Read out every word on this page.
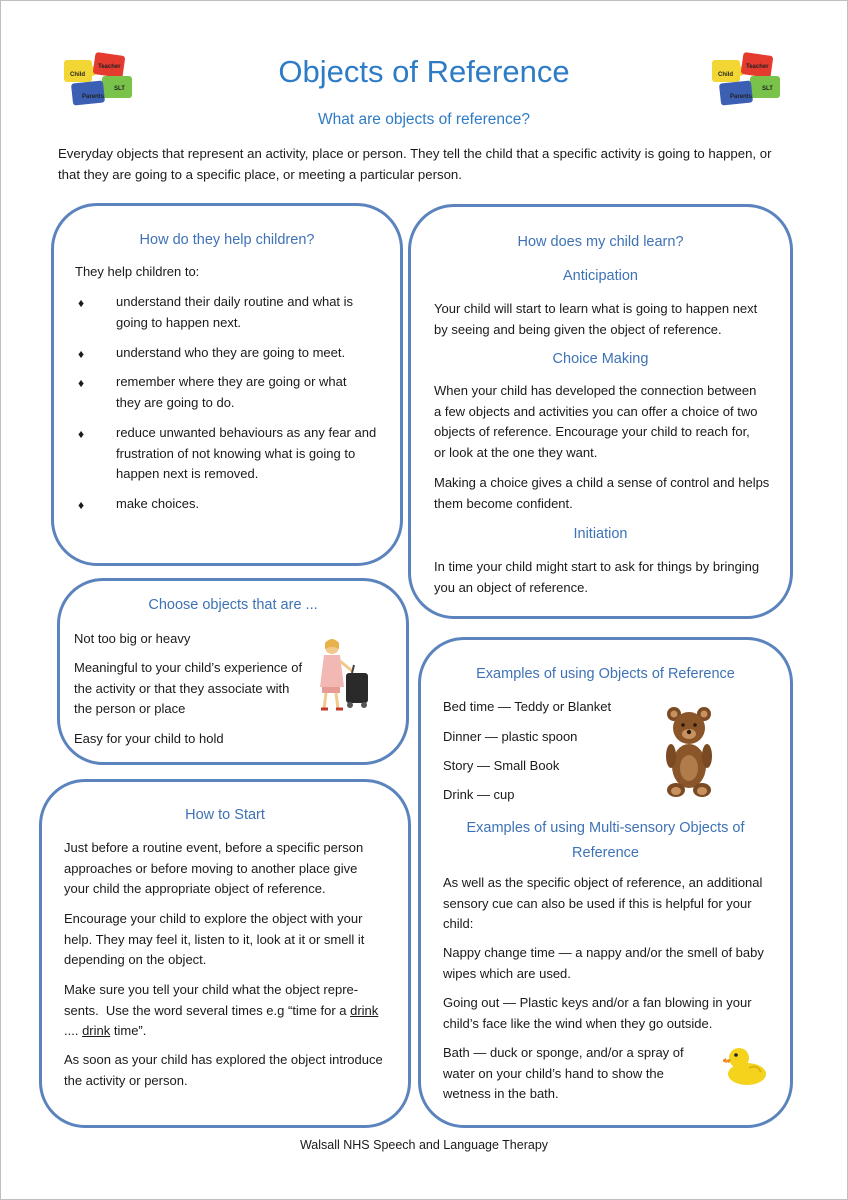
Child
Teacher
SLT
Parents
Child
Teacher
SLT
Parents
Objects of Reference
What are objects of reference?
Everyday objects that represent an activity, place or person. They tell the child that a specific activity is going to happen, or
that they are going to a specific place, or meeting a particular person.
How do they help children?
They help children to:
♦ understand their daily routine and what is
going to happen next.
♦ understand who they are going to meet.
♦ remember where they are going or what
they are going to do.
♦ reduce unwanted behaviours as any fear and
frustration of not knowing what is going to
happen next is removed.
♦ make choices.
How does my child learn?
Anticipation
Your child will start to learn what is going to happen next
by seeing and being given the object of reference.
Choice Making
When your child has developed the connection between
a few objects and activities you can offer a choice of two
objects of reference. Encourage your child to reach for,
or look at the one they want.
Making a choice gives a child a sense of control and helps
them become confident.
Initiation
In time your child might start to ask for things by bringing
you an object of reference.
Choose objects that are ...
Not too big or heavy
Meaningful to your child’s experience of
the activity or that they associate with
the person or place
Easy for your child to hold
How to Start
Just before a routine event, before a specific person
approaches or before moving to another place give
your child the appropriate object of reference.
Encourage your child to explore the object with your
help. They may feel it, listen to it, look at it or smell it
depending on the object.
Make sure you tell your child what the object repre-
sents.  Use the word several times e.g “time for a drink
.... drink time”.
As soon as your child has explored the object introduce
the activity or person.
Examples of using Objects of Reference
Bed time — Teddy or Blanket
Dinner — plastic spoon
Story — Small Book
Drink — cup
Examples of using Multi-sensory Objects of
Reference
As well as the specific object of reference, an additional
sensory cue can also be used if this is helpful for your
child:
Nappy change time — a nappy and/or the smell of baby
wipes which are used.
Going out — Plastic keys and/or a fan blowing in your
child’s face like the wind when they go outside.
Bath — duck or sponge, and/or a spray of
water on your child’s hand to show the
wetness in the bath.
Walsall NHS Speech and Language Therapy
